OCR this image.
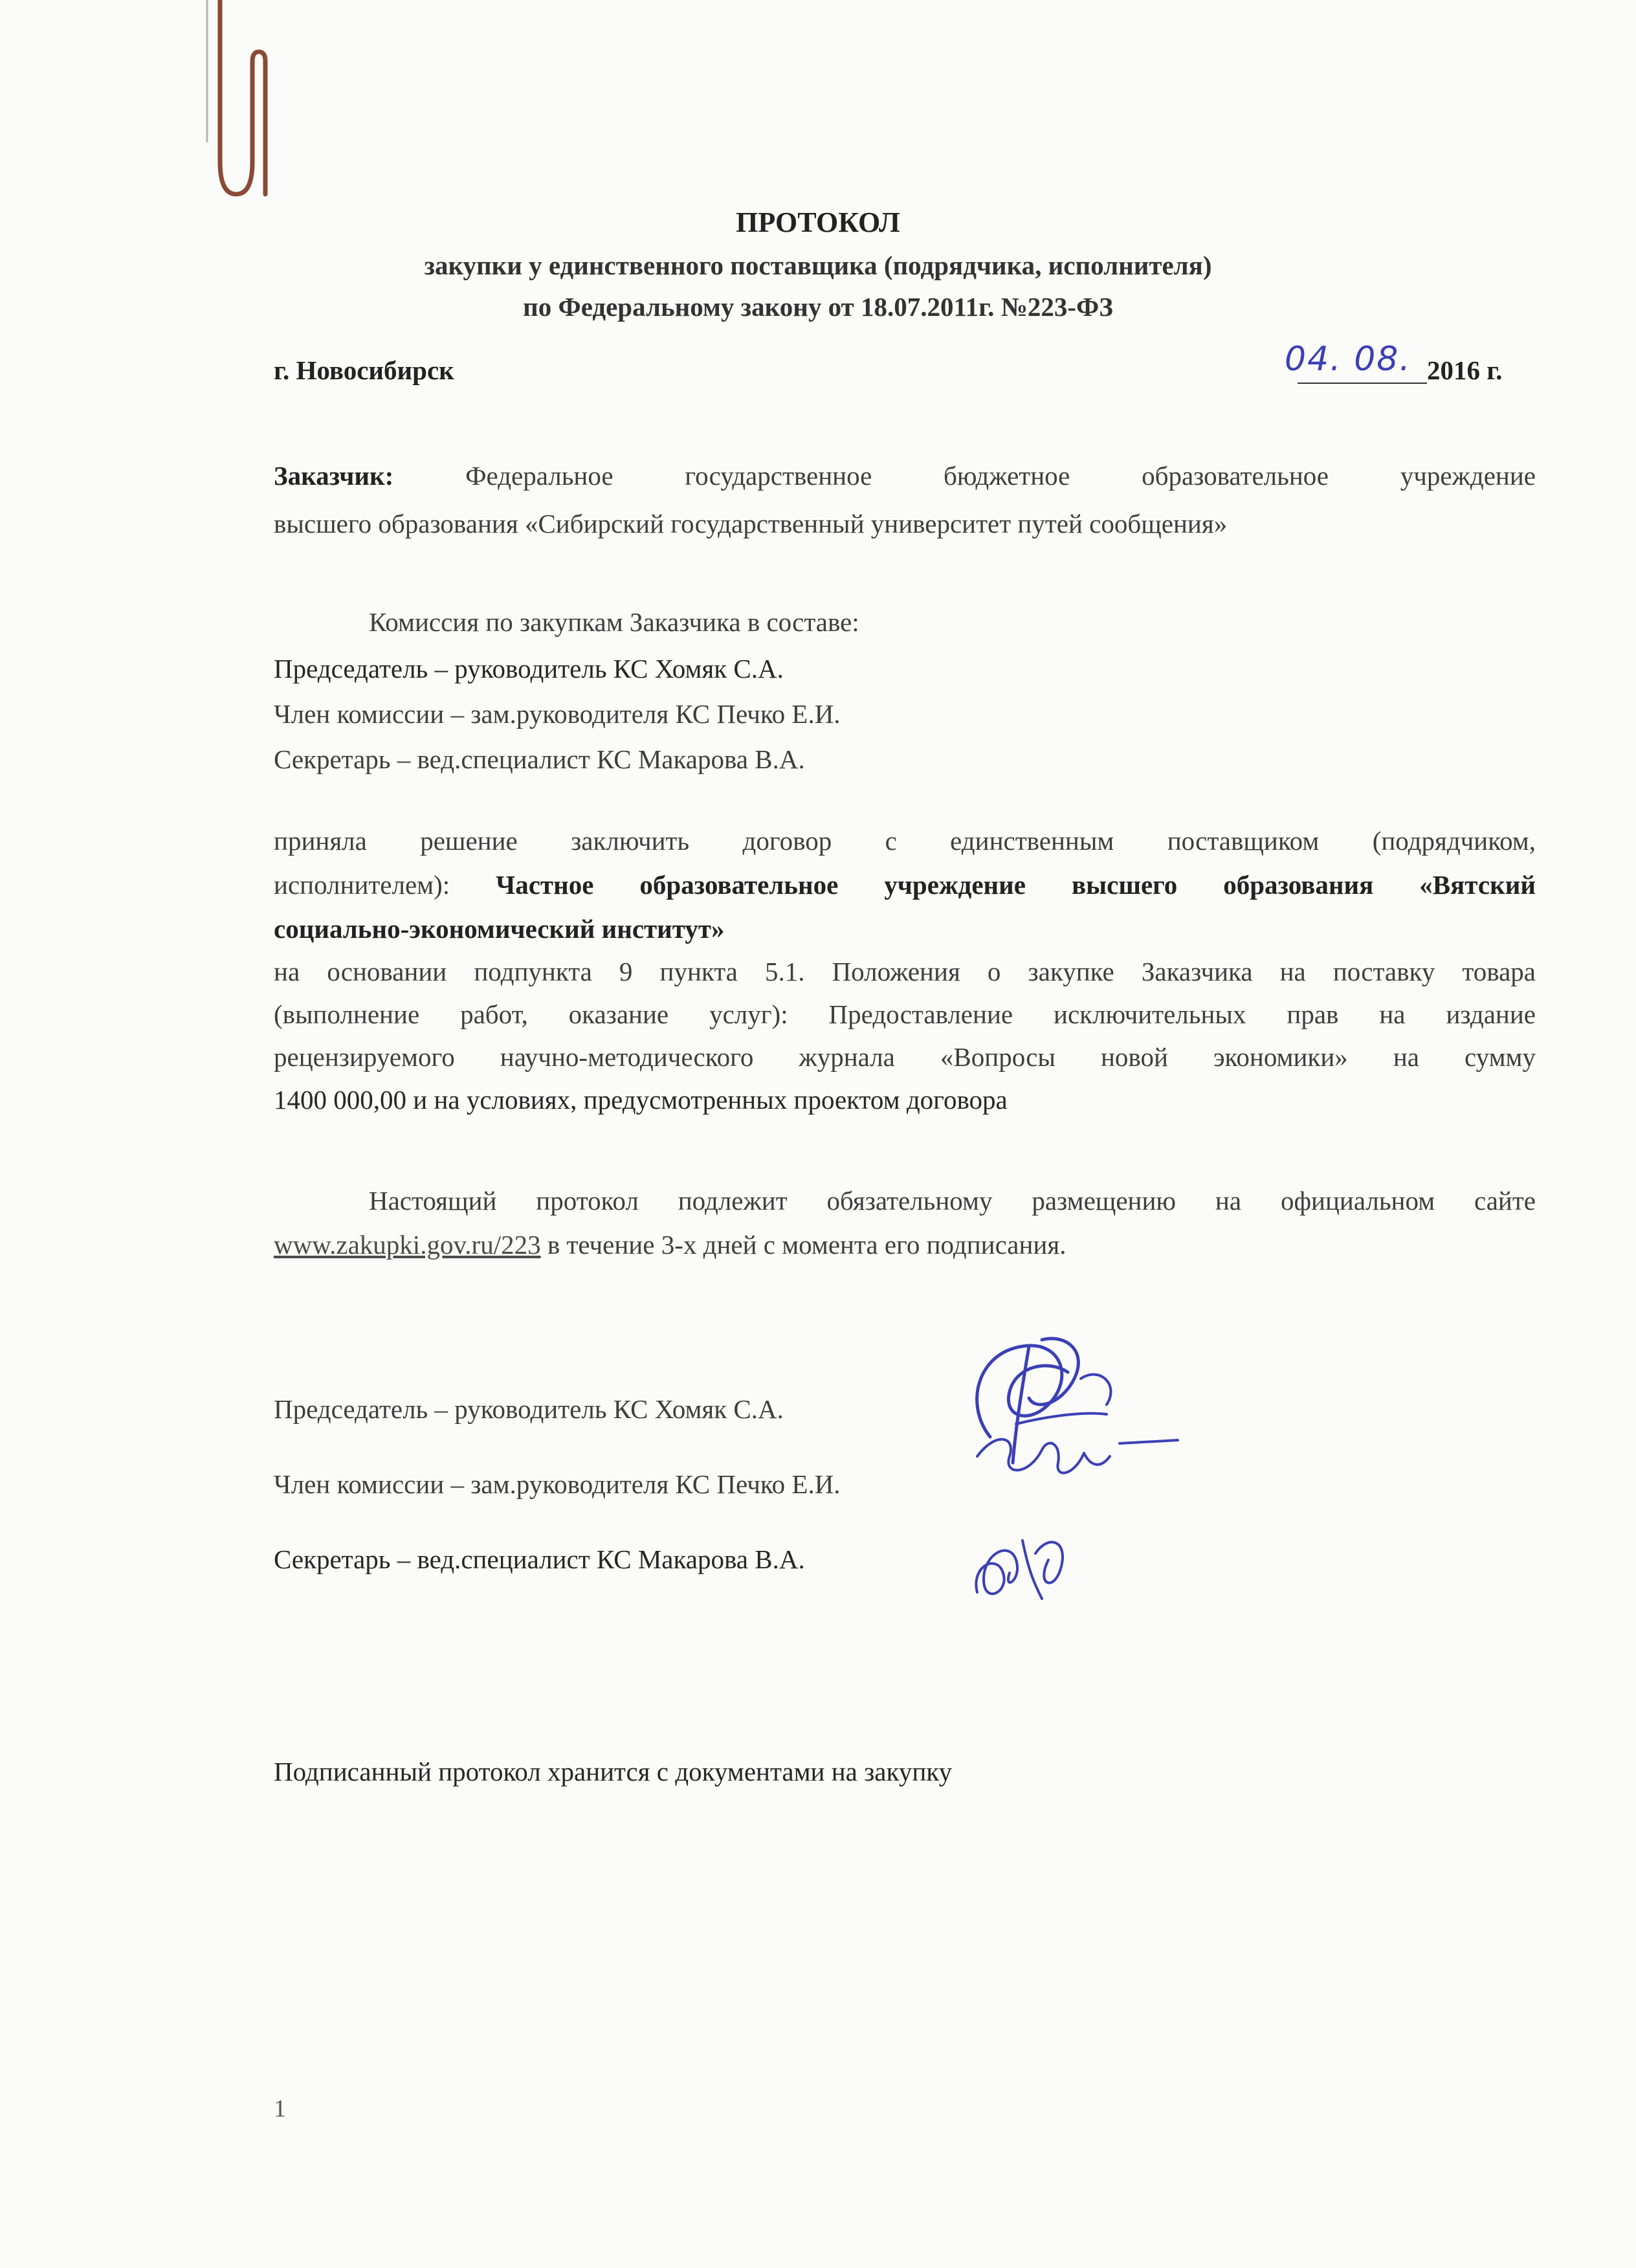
ПРОТОКОЛ
закупки у единственного поставщика (подрядчика, исполнителя)
по Федеральному закону от 18.07.2011г. №223-ФЗ
г. Новосибирск	04. 08. 2016 г.
Заказчик:	Федеральное государственное бюджетное образовательное учреждение
высшего образования «Сибирский государственный университет путей сообщения»
Комиссия по закупкам Заказчика в составе:
Председатель – руководитель КС Хомяк С.А.
Член комиссии – зам.руководителя КС Печко Е.И.
Секретарь – вед.специалист КС Макарова В.А.
приняла решение заключить договор с единственным поставщиком (подрядчиком,
исполнителем): Частное образовательное учреждение высшего образования «Вятский
социально-экономический институт»
на основании подпункта 9 пункта 5.1. Положения о закупке Заказчика на поставку товара
(выполнение работ, оказание услуг): Предоставление исключительных прав на издание
рецензируемого научно-методического журнала «Вопросы новой экономики» на сумму
1400 000,00 и на условиях, предусмотренных проектом договора
Настоящий протокол подлежит обязательному размещению на официальном сайте
www.zakupki.gov.ru/223 в течение 3-х дней с момента его подписания.
Председатель – руководитель КС Хомяк С.А.
Член комиссии – зам.руководителя КС Печко Е.И.
Секретарь – вед.специалист КС Макарова В.А.
Подписанный протокол хранится с документами на закупку
1
